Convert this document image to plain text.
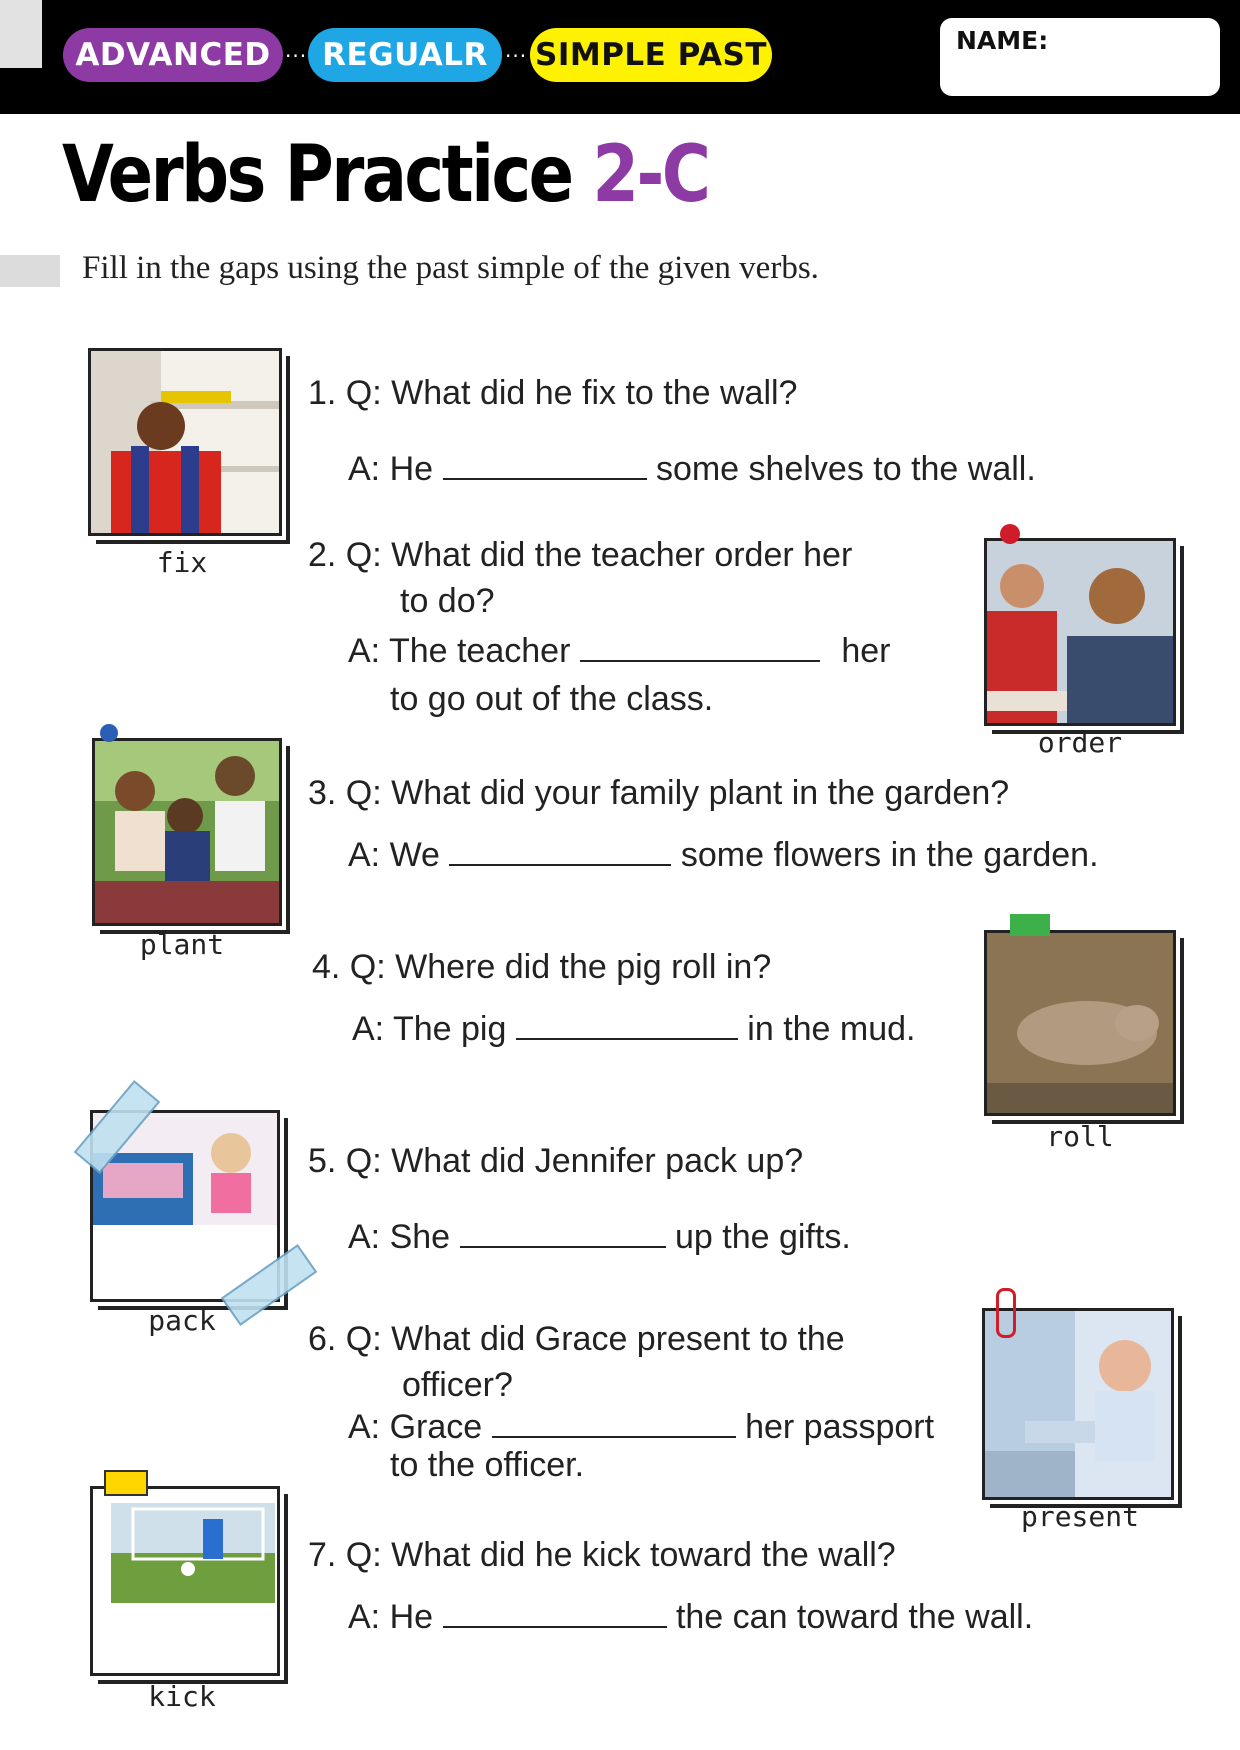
ADVANCED ··· REGUALR ··· SIMPLE PAST	NAME:
Verbs Practice 2-C
Fill in the gaps using the past simple of the given verbs.
fix
1. Q: What did he fix to the wall?
A: He	some shelves to the wall.
2. Q: What did the teacher order her
to do?
A: The teacher	her
to go out of the class.
order
plant
3. Q: What did your family plant in the garden?
A: We	some flowers in the garden.
4. Q: Where did the pig roll in?
A: The pig	in the mud.
roll
pack
5. Q: What did Jennifer pack up?
A: She	up the gifts.
6. Q: What did Grace present to the
officer?
A: Grace	her passport
to the officer.
present
kick
7. Q: What did he kick toward the wall?
A: He	the can toward the wall.
